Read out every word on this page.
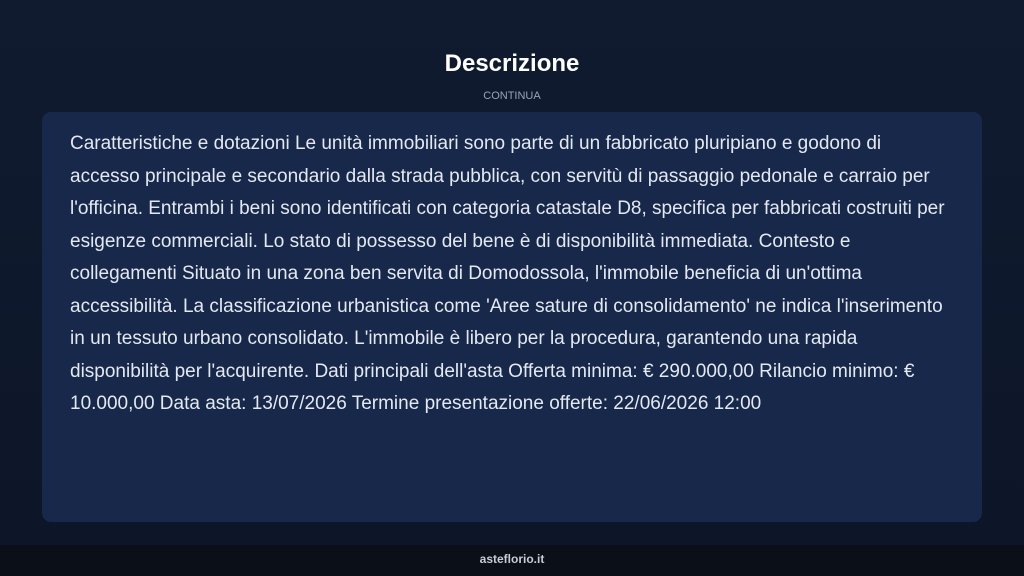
Descrizione
CONTINUA

Caratteristiche e dotazioni Le unità immobiliari sono parte di un fabbricato pluripiano e godono di accesso principale e secondario dalla strada pubblica, con servitù di passaggio pedonale e carraio per l'officina. Entrambi i beni sono identificati con categoria catastale D8, specifica per fabbricati costruiti per esigenze commerciali. Lo stato di possesso del bene è di disponibilità immediata. Contesto e collegamenti Situato in una zona ben servita di Domodossola, l'immobile beneficia di un'ottima accessibilità. La classificazione urbanistica come 'Aree sature di consolidamento' ne indica l'inserimento in un tessuto urbano consolidato. L'immobile è libero per la procedura, garantendo una rapida disponibilità per l'acquirente. Dati principali dell'asta Offerta minima: € 290.000,00 Rilancio minimo: € 10.000,00 Data asta: 13/07/2026 Termine presentazione offerte: 22/06/2026 12:00

asteflorio.it
